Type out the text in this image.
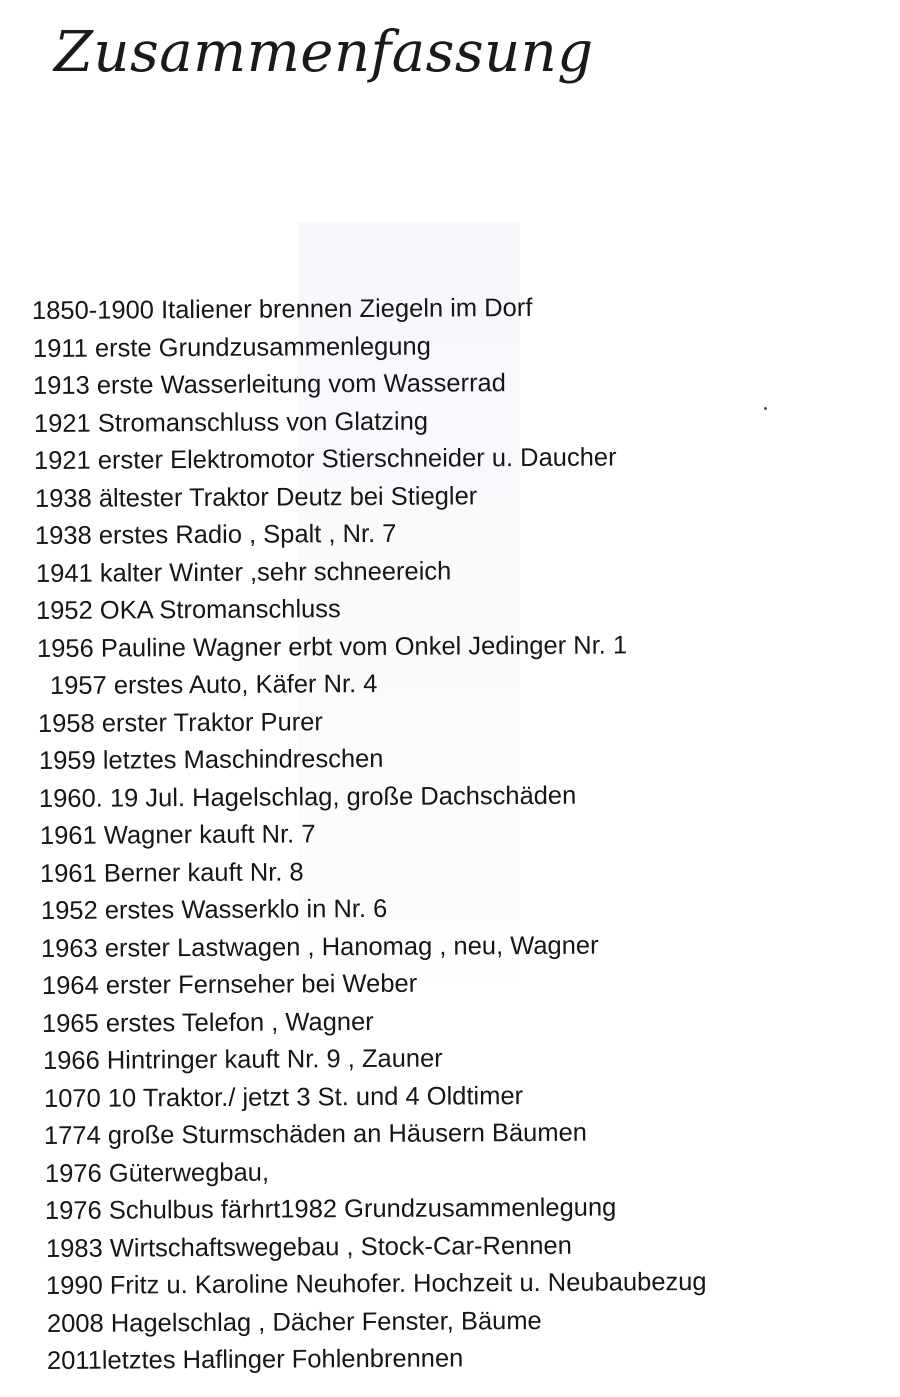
Zusammenfassung
1850-1900 Italiener brennen Ziegeln im Dorf
1911 erste Grundzusammenlegung
1913 erste Wasserleitung vom Wasserrad
1921 Stromanschluss von Glatzing
1921 erster Elektromotor Stierschneider u. Daucher
1938 ältester Traktor Deutz bei Stiegler
1938 erstes Radio , Spalt , Nr. 7
1941 kalter Winter ,sehr schneereich
1952 OKA Stromanschluss
1956 Pauline Wagner erbt vom Onkel Jedinger Nr. 1
1957 erstes Auto, Käfer Nr. 4
1958 erster Traktor Purer
1959 letztes Maschindreschen
1960. 19 Jul. Hagelschlag, große Dachschäden
1961 Wagner kauft Nr. 7
1961 Berner kauft Nr. 8
1952 erstes Wasserklo in Nr. 6
1963 erster Lastwagen , Hanomag , neu, Wagner
1964 erster Fernseher bei Weber
1965 erstes Telefon , Wagner
1966 Hintringer kauft Nr. 9 , Zauner
1070 10 Traktor./ jetzt 3 St. und 4 Oldtimer
1774 große Sturmschäden an Häusern Bäumen
1976 Güterwegbau,
1976 Schulbus färhrt1982 Grundzusammenlegung
1983 Wirtschaftswegebau , Stock-Car-Rennen
1990 Fritz u. Karoline Neuhofer. Hochzeit u. Neubaubezug
2008 Hagelschlag , Dächer Fenster, Bäume
2011letztes Haflinger Fohlenbrennen
